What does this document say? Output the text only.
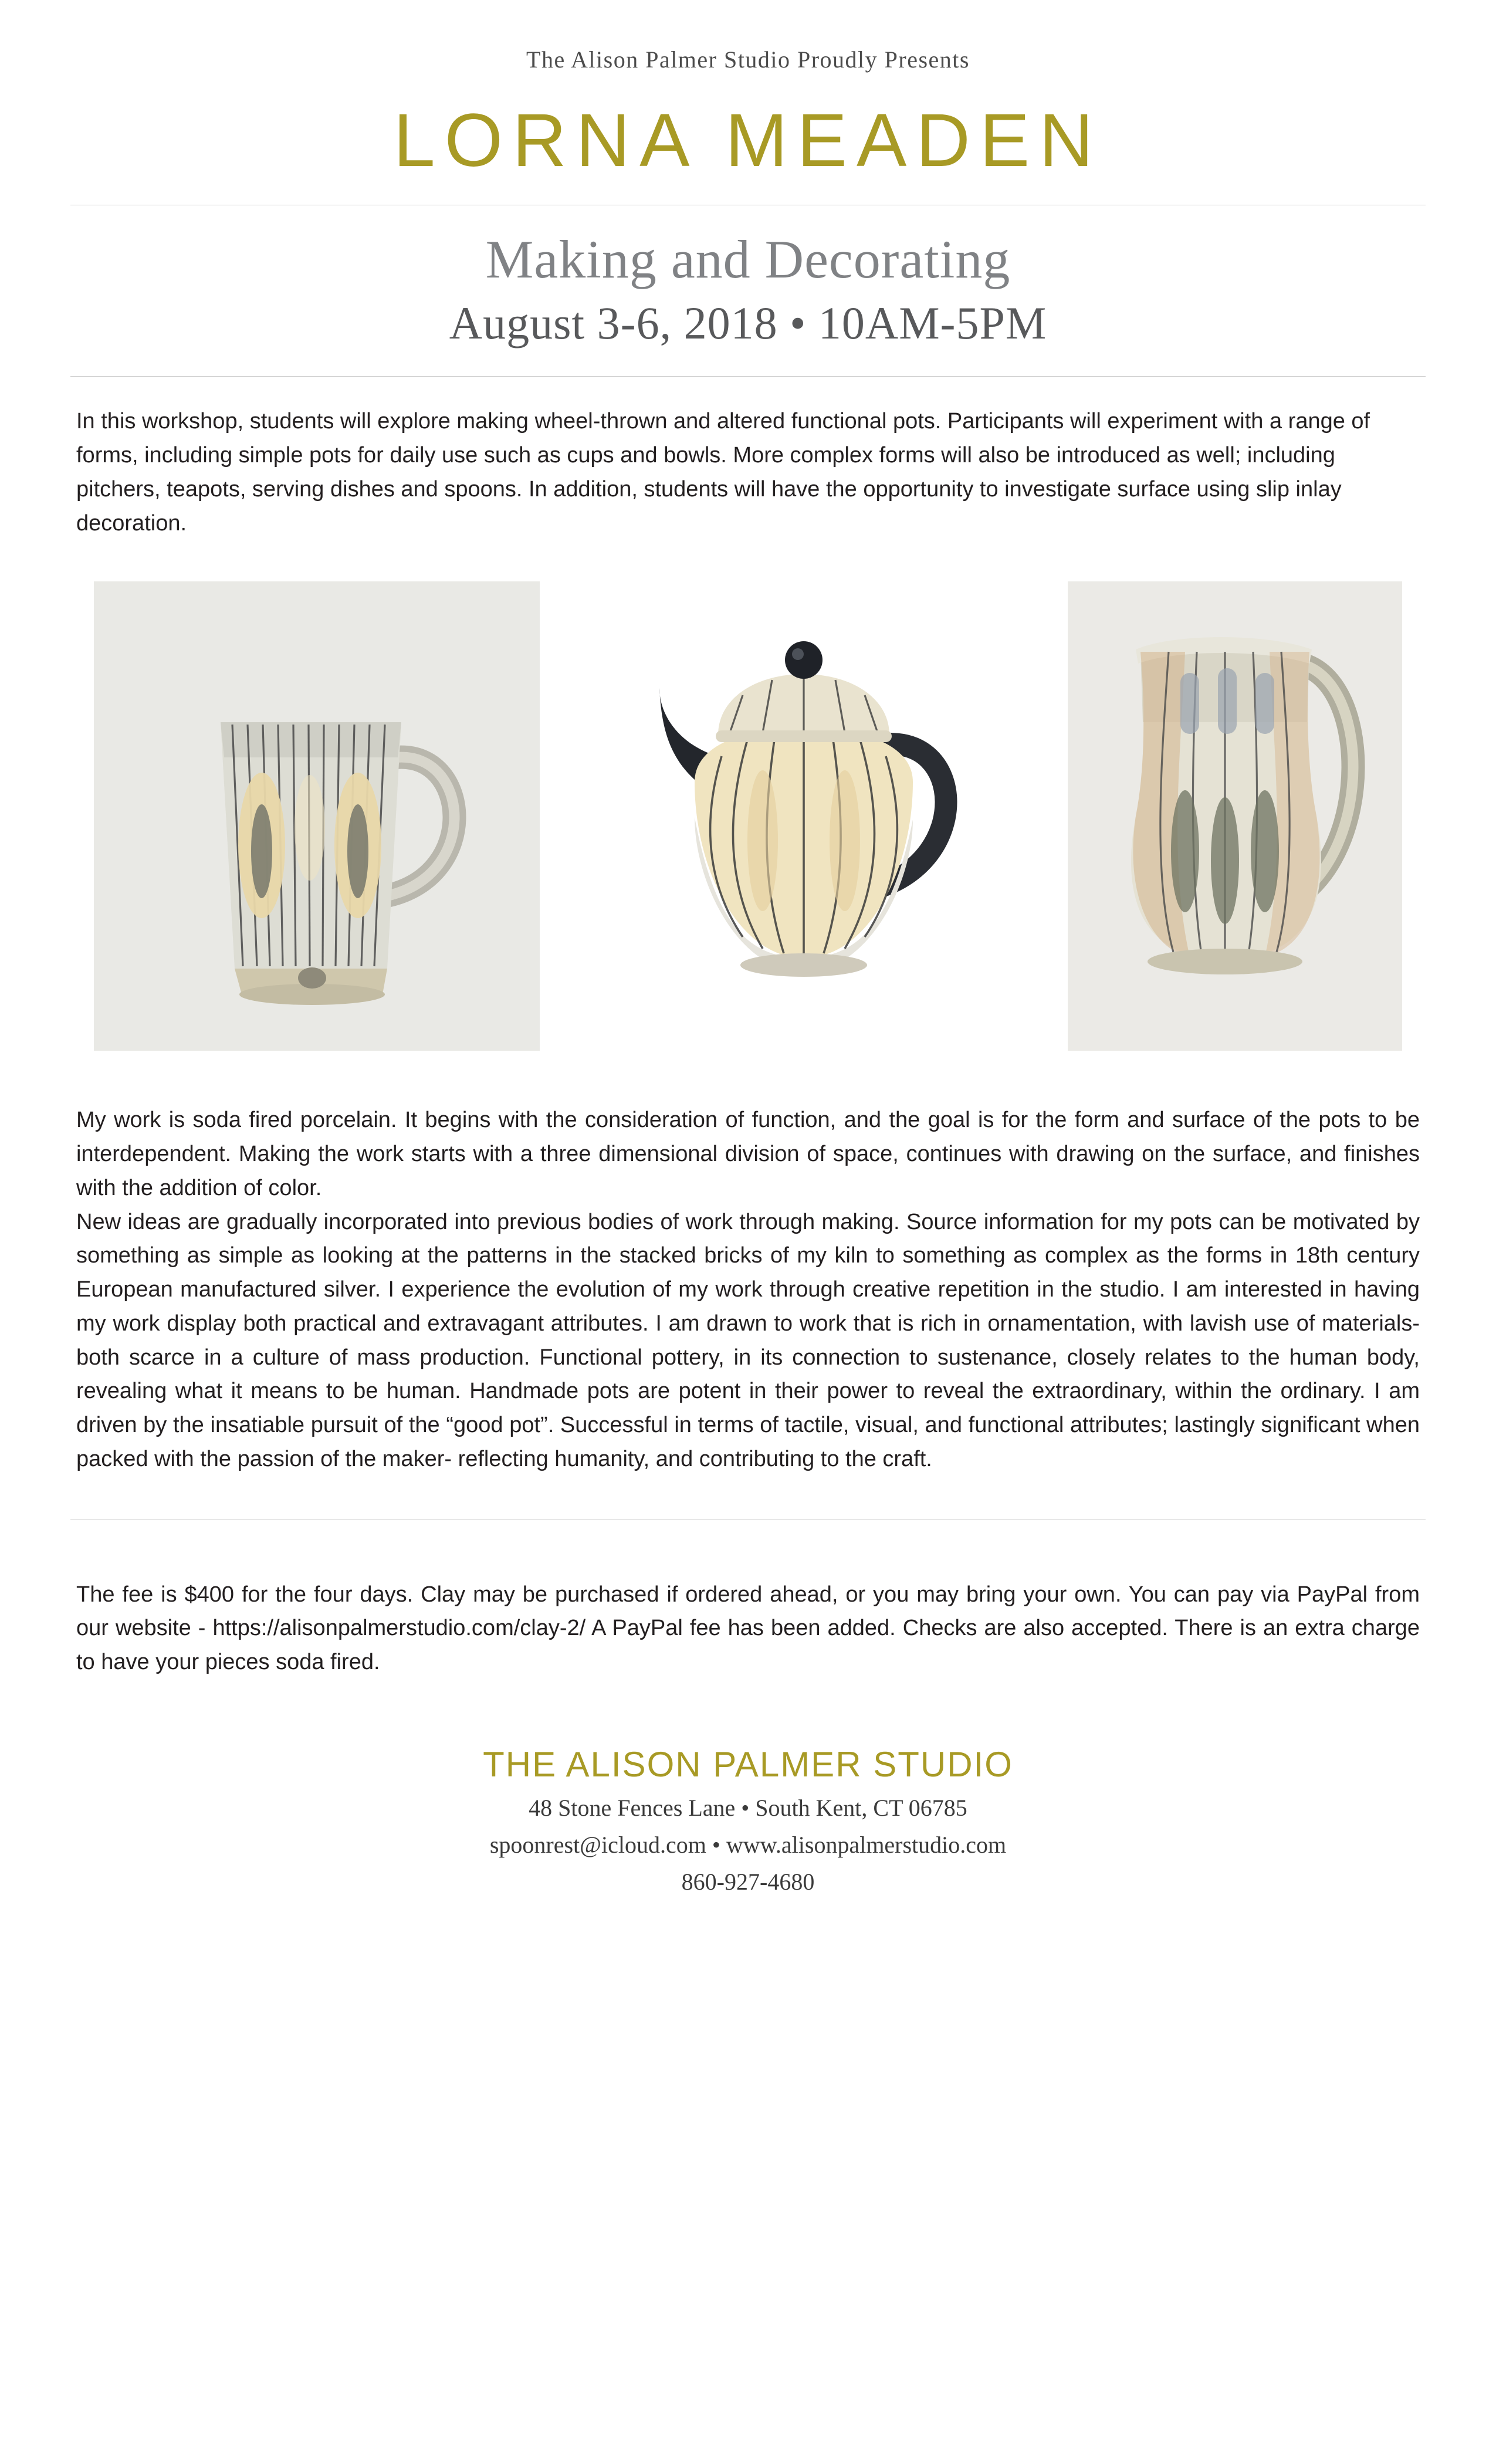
The Alison Palmer Studio Proudly Presents
LORNA MEADEN
Making and Decorating
August 3-6, 2018 • 10AM-5PM
In this workshop, students will explore making wheel-thrown and altered functional pots. Participants will experiment with a range of forms, including simple pots for daily use such as cups and bowls. More complex forms will also be introduced as well; including pitchers, teapots, serving dishes and spoons. In addition, students will have the opportunity to investigate surface using slip inlay decoration.

My work is soda fired porcelain. It begins with the consideration of function, and the goal is for the form and surface of the pots to be interdependent. Making the work starts with a three dimensional division of space, continues with drawing on the surface, and finishes with the addition of color.

New ideas are gradually incorporated into previous bodies of work through making. Source information for my pots can be motivated by something as simple as looking at the patterns in the stacked bricks of my kiln to something as complex as the forms in 18th century European manufactured silver. I experience the evolution of my work through creative repetition in the studio. I am interested in having my work display both practical and extravagant attributes. I am drawn to work that is rich in ornamentation, with lavish use of materials- both scarce in a culture of mass production. Functional pottery, in its connection to sustenance, closely relates to the human body, revealing what it means to be human. Handmade pots are potent in their power to reveal the extraordinary, within the ordinary. I am driven by the insatiable pursuit of the “good pot”. Successful in terms of tactile, visual, and functional attributes; lastingly significant when packed with the passion of the maker- reflecting humanity, and contributing to the craft.

The fee is $400 for the four days. Clay may be purchased if ordered ahead, or you may bring your own. You can pay via PayPal from our website - https://alisonpalmerstudio.com/clay-2/ A PayPal fee has been added. Checks are also accepted. There is an extra charge to have your pieces soda fired.
THE ALISON PALMER STUDIO
48 Stone Fences Lane • South Kent, CT 06785
spoonrest@icloud.com • www.alisonpalmerstudio.com
860-927-4680
